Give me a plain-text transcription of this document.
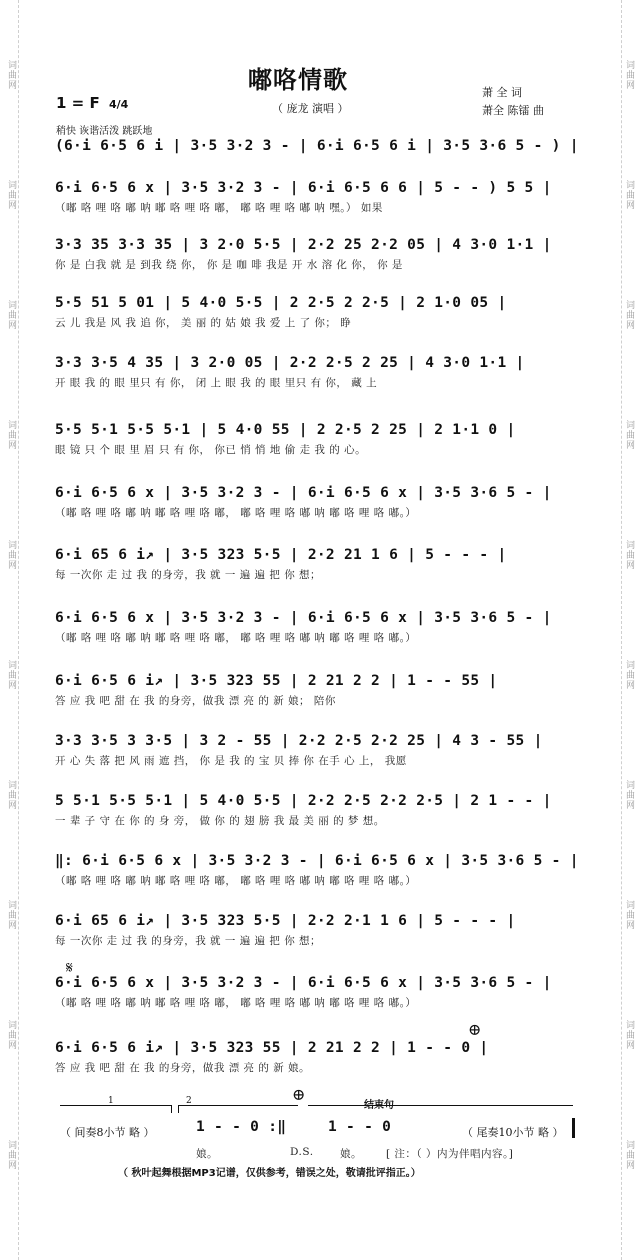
词曲网
词曲网
词曲网
词曲网
词曲网
词曲网
词曲网
词曲网
词曲网
词曲网
词曲网
词曲网
词曲网
词曲网
词曲网
词曲网
词曲网
词曲网
词曲网
词曲网
嘟咯情歌
（ 庞龙 演唱 ）
萧 全 词
萧全 陈镭 曲
1 = F 4/4
稍快 诙谐活泼 跳跃地
(6·i 6·5 6 i | 3·5 3·2 3 - | 6·i 6·5 6 i | 3·5 3·6 5 - ) |
6·i 6·5 6 x | 3·5 3·2 3 - | 6·i 6·5 6 6 | 5 - - ) 5 5 |
（嘟 咯 哩 咯 嘟 呐 嘟 咯 哩 咯 嘟， 嘟 咯 哩 咯 嘟 呐 嘿。） 如果
3·3 35 3·3 35 | 3 2·0 5·5 | 2·2 25 2·2 05 | 4 3·0 1·1 |
你 是 白我 就 是 到我 绕 你， 你 是 咖 啡 我是 开 水 溶 化 你， 你 是
5·5 51 5 01 | 5 4·0 5·5 | 2 2·5 2 2·5 | 2 1·0 05 |
云 儿 我是 风 我 追 你， 美 丽 的 姑 娘 我 爱 上 了 你； 睁
3·3 3·5 4 35 | 3 2·0 05 | 2·2 2·5 2 25 | 4 3·0 1·1 |
开 眼 我 的 眼 里只 有 你， 闭 上 眼 我 的 眼 里只 有 你， 藏 上
5·5 5·1 5·5 5·1 | 5 4·0 55 | 2 2·5 2 25 | 2 1·1 0 |
眼 镜 只 个 眼 里 眉 只 有 你， 你已 悄 悄 地 偷 走 我 的 心。
6·i 6·5 6 x | 3·5 3·2 3 - | 6·i 6·5 6 x | 3·5 3·6 5 - |
（嘟 咯 哩 咯 嘟 呐 嘟 咯 哩 咯 嘟， 嘟 咯 哩 咯 嘟 呐 嘟 咯 哩 咯 嘟。）
6·i 65 6 i↗ | 3·5 323 5·5 | 2·2 21 1 6 | 5 - - - |
每 一次你 走 过 我 的身旁，我 就 一 遍 遍 把 你 想；
6·i 6·5 6 x | 3·5 3·2 3 - | 6·i 6·5 6 x | 3·5 3·6 5 - |
（嘟 咯 哩 咯 嘟 呐 嘟 咯 哩 咯 嘟， 嘟 咯 哩 咯 嘟 呐 嘟 咯 哩 咯 嘟。）
6·i 6·5 6 i↗ | 3·5 323 55 | 2 21 2 2 | 1 - - 55 |
答 应 我 吧 甜 在 我 的身旁，做我 漂 亮 的 新 娘； 陪你
3·3 3·5 3 3·5 | 3 2 - 55 | 2·2 2·5 2·2 25 | 4 3 - 55 |
开 心 失 落 把 风 雨 遮 挡， 你 是 我 的 宝 贝 捧 你 在手 心 上， 我愿
5 5·1 5·5 5·1 | 5 4·0 5·5 | 2·2 2·5 2·2 2·5 | 2 1 - - |
一 辈 子 守 在 你 的 身 旁， 做 你 的 翅 膀 我 最 美 丽 的 梦 想。
‖: 6·i 6·5 6 x | 3·5 3·2 3 - | 6·i 6·5 6 x | 3·5 3·6 5 - |
（嘟 咯 哩 咯 嘟 呐 嘟 咯 哩 咯 嘟， 嘟 咯 哩 咯 嘟 呐 嘟 咯 哩 咯 嘟。）
6·i 65 6 i↗ | 3·5 323 5·5 | 2·2 2·1 1 6 | 5 - - - |
每 一次你 走 过 我 的身旁，我 就 一 遍 遍 把 你 想；
6·i 6·5 6 x | 3·5 3·2 3 - | 6·i 6·5 6 x | 3·5 3·6 5 - |
（嘟 咯 哩 咯 嘟 呐 嘟 咯 哩 咯 嘟， 嘟 咯 哩 咯 嘟 呐 嘟 咯 哩 咯 嘟。）
6·i 6·5 6 i↗ | 3·5 323 55 | 2 21 2 2 | 1 - - 0 |
答 应 我 吧 甜 在 我 的身旁，做我 漂 亮 的 新 娘。
𝄋
⊕
⊕
1	2	结束句
（ 间奏8小节 略 ）	1 - - 0 :‖	1 - - 0	（ 尾奏10小节 略 ）
娘。	D.S.	娘。 [ 注：（ ）内为伴唱内容。]
（ 秋叶起舞根据MP3记谱，仅供参考，错误之处，敬请批评指正。）
